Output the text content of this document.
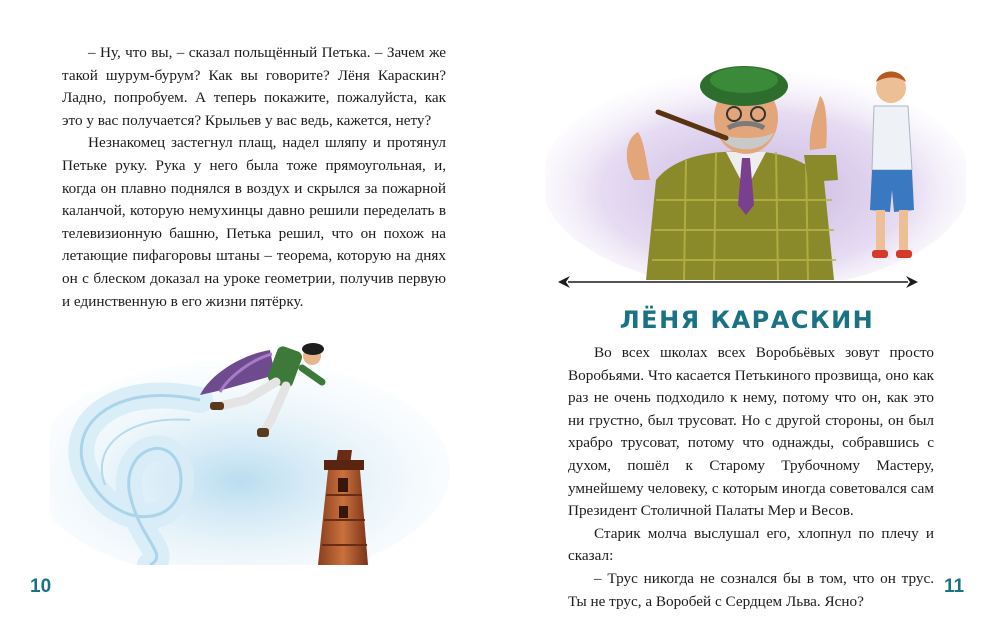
– Ну, что вы, – сказал польщённый Петька. – Зачем же такой шурум-бурум? Как вы говорите? Лёня Караскин? Ладно, попробуем. А теперь покажите, пожалуйста, как это у вас получается? Крыльев у вас ведь, кажется, нету?

Незнакомец застегнул плащ, надел шляпу и протянул Петьке руку. Рука у него была тоже прямоугольная, и, когда он плавно поднялся в воздух и скрылся за пожарной каланчой, которую немухинцы давно решили переделать в телевизионную башню, Петька решил, что он похож на летающие пифагоровы штаны – теорема, которую на днях он с блеском доказал на уроке геометрии, получив первую и единственную в его жизни пятёрку.

10
ЛЁНЯ КАРАСКИН

Во всех школах всех Воробьёвых зовут просто Воробьями. Что касается Петькиного прозвища, оно как раз не очень подходило к нему, потому что он, как это ни грустно, был трусоват. Но с другой стороны, он был храбро трусоват, потому что однажды, собравшись с духом, пошёл к Старому Трубочному Мастеру, умнейшему человеку, с которым иногда советовался сам Президент Столичной Палаты Мер и Весов.

Старик молча выслушал его, хлопнул по плечу и сказал:

– Трус никогда не сознался бы в том, что он трус. Ты не трус, а Воробей с Сердцем Льва. Ясно?

11
